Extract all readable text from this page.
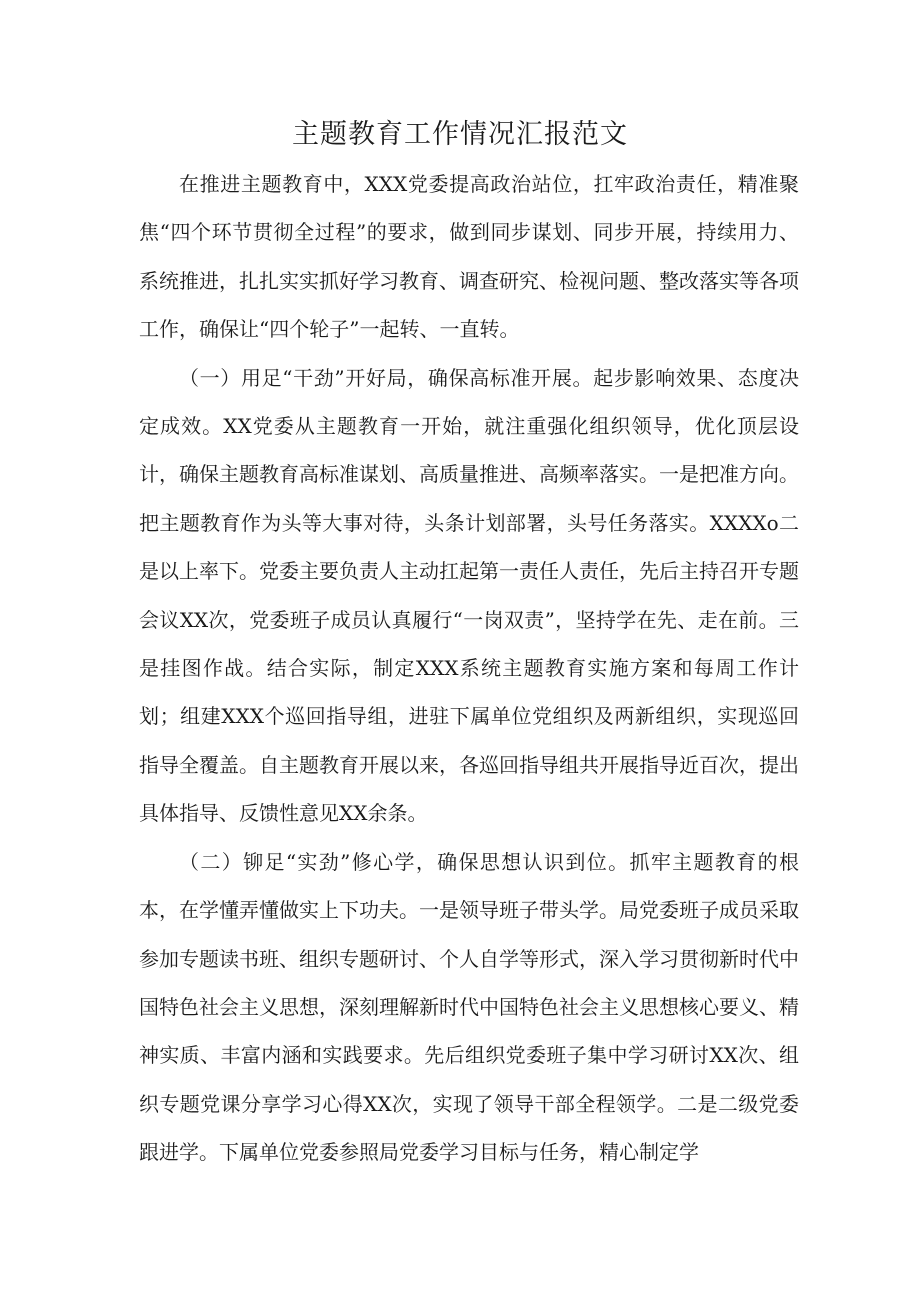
主题教育工作情况汇报范文

在推进主题教育中，XXX党委提高政治站位，扛牢政治责任，精准聚焦“四个环节贯彻全过程”的要求，做到同步谋划、同步开展，持续用力、系统推进，扎扎实实抓好学习教育、调查研究、检视问题、整改落实等各项工作，确保让“四个轮子”一起转、一直转。

（一）用足“干劲”开好局，确保高标准开展。起步影响效果、态度决定成效。XX党委从主题教育一开始，就注重强化组织领导，优化顶层设计，确保主题教育高标准谋划、高质量推进、高频率落实。一是把准方向。把主题教育作为头等大事对待，头条计划部署，头号任务落实。XXXXo二是以上率下。党委主要负责人主动扛起第一责任人责任，先后主持召开专题会议XX次，党委班子成员认真履行“一岗双责”，坚持学在先、走在前。三是挂图作战。结合实际，制定XXX系统主题教育实施方案和每周工作计划；组建XXX个巡回指导组，进驻下属单位党组织及两新组织，实现巡回指导全覆盖。自主题教育开展以来，各巡回指导组共开展指导近百次，提出具体指导、反馈性意见XX余条。

（二）铆足“实劲”修心学，确保思想认识到位。抓牢主题教育的根本，在学懂弄懂做实上下功夫。一是领导班子带头学。局党委班子成员采取参加专题读书班、组织专题研讨、个人自学等形式，深入学习贯彻新时代中国特色社会主义思想，深刻理解新时代中国特色社会主义思想核心要义、精神实质、丰富内涵和实践要求。先后组织党委班子集中学习研讨XX次、组织专题党课分享学习心得XX次，实现了领导干部全程领学。二是二级党委跟进学。下属单位党委参照局党委学习目标与任务，精心制定学
